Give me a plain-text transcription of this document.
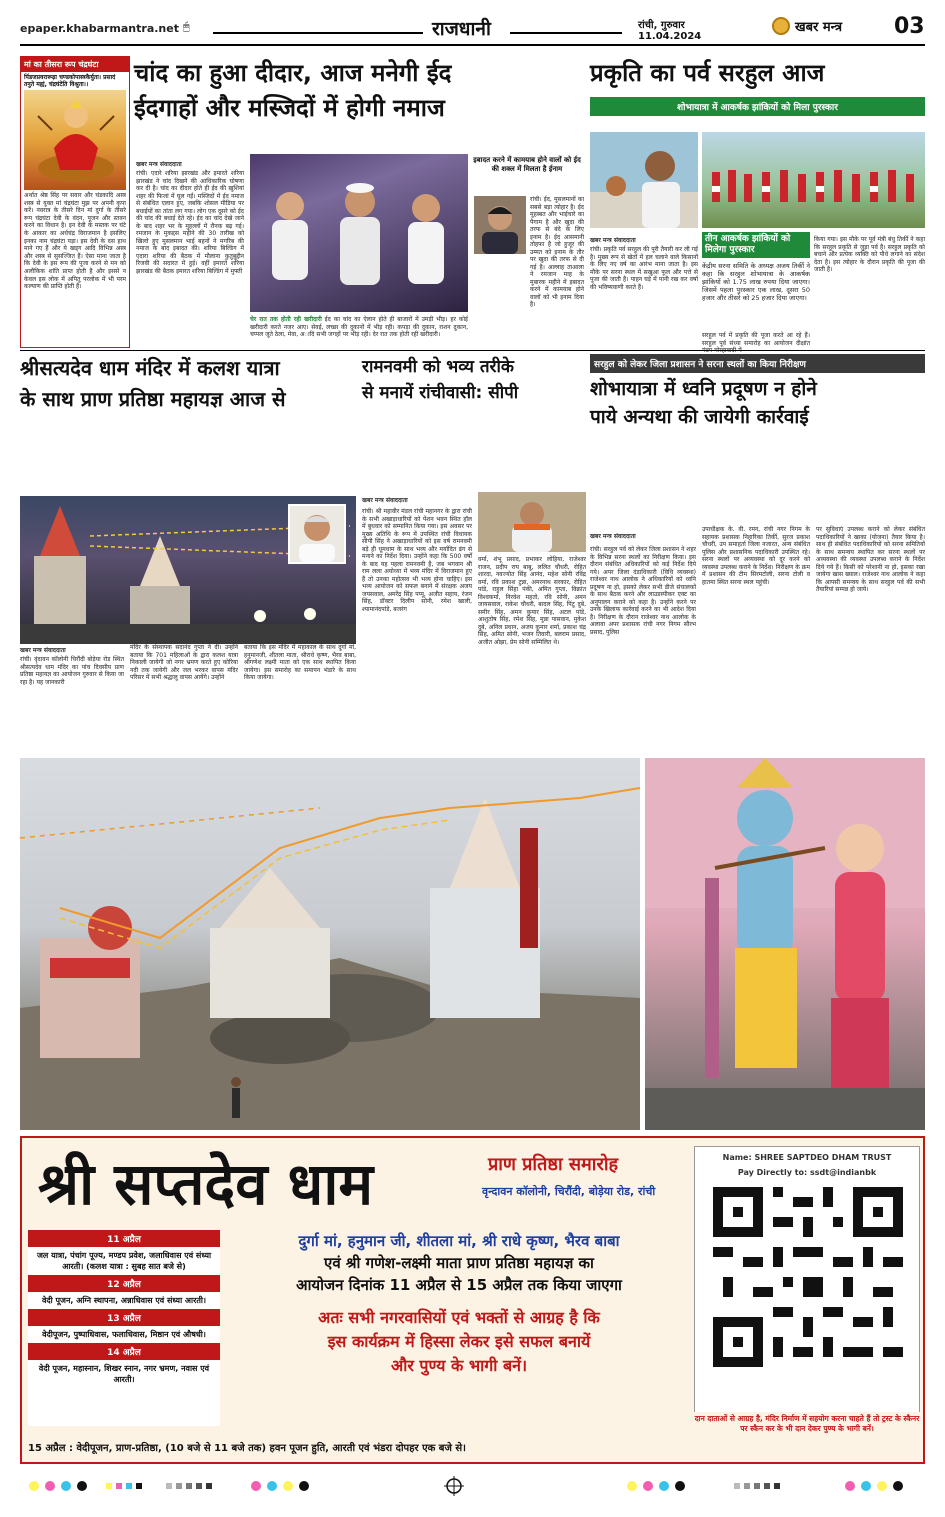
epaper.khabarmantra.net 🖱	राजधानी	रांची, गुरुवार
11.04.2024
खबर मन्त्र 03
मां का तीसरा रूप चंद्रघंटा
पिंडजप्रवरारूढ़ा चण्डकोपास्त्रकैर्युता। प्रसादं तनुते मह्यं, चंद्रघंटेति विश्रुता।।
अर्थात श्रेष्ठ सिंह पर सवार और चंडकादि अस्त्र शस्त्र से युक्त मां चंद्रघंटा मुझ पर अपनी कृपा करें। नवरात्र के तीसरे दिन मां दुर्गा के तीसरे रूप चंद्रघंटा देवी के वंदन, पूजन और स्तवन करने का विधान है। इन देवी के मस्तक पर घंटे के आकार का अर्धचंद्र विराजमान है इसलिए इनका नाम चंद्रघंटा पड़ा। इस देवी के दस हाथ माने गए हैं और ये खड्ग आदि विभिन्न अस्त्र और शस्त्र से सुसज्जित हैं। ऐसा माना जाता है कि देवी के इस रूप की पूजा करने से मन को अलौकिक शांति प्राप्त होती है और इससे न केवल इस लोक में अपितु परलोक में भी परम कल्याण की प्राप्ति होती है।
चांद का हुआ दीदार, आज मनेगी ईद
ईदगाहों और मस्जिदों में होगी नमाज
खबर मन्त्र संवाददाता
रांची। एदारे शरिया झारखंड और इमारते शरिया झारखंड ने चांद दिखने की आधिकारिक घोषणा कर दी है। चांद का दीदार होते ही ईद की खुशियां शहर की फिजां में घुल गईं। मस्जिदों में ईद नमाज से संबंधित एलान हुए, जबकि शोसल मीडिया पर बधाईयों का तांता लग गया। लोग एक दूसरे को ईद की चांद की बधाई देते रहे। ईद का चांद देखे जाने के बाद शहर भर के मुहल्लों में रौनक बढ़ गई। रमजान के मुकद्दस महीने की 30 तारीख को खिल्ते हुए मुसलमान भाई बहनों ने मगरिब की नमाज के बाद इबादत की। शरिया बिल्डिंग में एदारा शरिया की बैठक में मौलाना कुतुबुद्दीन रिजवी की सदारत में हुई। वहीं इमारते शरिया झारखंड की बैठक इमारत शरिया बिल्डिंग में मुफ्ती
चेर रात तक होती रही खरीदारी ईद का चांद का ऐलान होते ही बाजारों में उमड़ी भीड़। हर कोई खरीदारी करते नजर आए। सेवई, लच्छा की दुकानों में भीड़ रही। कपड़ा की दुकान, राशन दुकान, चप्पल जूते ठेला, मेवा, अादि सभी जगहों पर भीड़ रही। देर रात तक होती रही खरीदारी।
इबादत करने में कामयाब होने वालों को ईद की शक्ल में मिलता है ईनाम
रांची। ईद, मुसलमानों का सबसे बड़ा त्योहार है। ईद मुहब्बत और भाईचारे का पैगाम है और खुदा की तरफ से बंदे के लिए इनाम है। ईद आसमानी तोहफा है जो हुजूर की उम्मत को इनाम के तौर पर खुदा की तरफ से दी गई है। अल्लाह ताआला ने रमजान माह के मुबारक महीने में इबादत करने में कामयाब होने वालों को भी इनाम दिया है।
प्रकृति का पर्व सरहुल आज
शोभायात्रा में आकर्षक झांकियों को मिला पुरस्कार
खबर मन्त्र संवाददाता	तीन आकर्षक झांकियों को मिलेगा पुरस्कार
केंद्रीय सरना समिति के अध्यक्ष अजय तिर्की ने कहा कि सरहुल शोभायात्रा के आकर्षक झांकियों को 1.75 लाख रुपया दिया जाएगा। जिसमें पहला पुरस्कार एक लाख, दूसरा 50 हजार और तीसरे को 25 हजार दिया जाएगा।
रांची। प्रकृति पर्व सरहुल की पूरी तैयारी कर ली गई है। मुख्य रूप से खेतों में हल चलाने वाले किसानों के लिए नए वर्ष का आरंभ माना जाता है। इस मौके पर सरना स्थल में सखुआ फूल और पत्ते से पूजा की जाती है। पाहन घड़े में पानी रख कर वर्षा की भविष्यवाणी करते हैं।
किया गया। इस मौके पर पूर्व मंत्री बंधु तिर्की ने कहा कि सरहुल प्रकृति से जुड़ा पर्व है। सरहुल प्रकृति को बचाने और प्रत्येक व्यक्ति को पौधे लगाने का संदेश देता है। इस त्योहार के दौरान प्रकृति की पूजा की जाती है।
सरहुल पर्व में प्रकृति की पूजा करते आ रहे हैं। सरहुल पूर्व संध्या समारोह का आयोजन दीक्षांत
श्रीसत्यदेव धाम मंदिर में कलश यात्रा
के साथ प्राण प्रतिष्ठा महायज्ञ आज से
खबर मन्त्र संवाददाता
रांची। वृंदावन कॉलोनी चिरौंदी बोड़ेया रोड स्थित श्रीसत्यदेव धाम मंदिर का पांच दिवसीय प्राण प्रतिष्ठा महायज्ञ का आयोजन गुरुवार से किया जा रहा है। यह जानकारी
मंदिर के संस्थापक सदानंद गुप्ता ने दी। उन्होंने बताया कि 701 महिलाओं के द्वारा कलश यात्रा निकाली जायेगी जो नगर भ्रमण करते हुए कोरिया नदी तक जायेगी और जल भरकर वापस मंदिर परिसर में सभी श्रद्धालु वापस आयेंगे। उन्होंने
बताया कि इस मंदिर में महाकाल के साथ दुर्गा मां, हनुमानजी, शीतला माता, श्रीराधे कृष्ण, भैरव बाबा, श्रीगणेश लक्ष्मी माता को एक साथ स्थापित किया जायेगा। इस समारोह का समापन भंडारे के साथ किया जायेगा।
रामनवमी को भव्य तरीके
से मनायें रांचीवासी: सीपी
खबर मन्त्र संवाददाता
रांची। श्री महावीर मंडल रांची महानगर के द्वारा रांची के सभी अखाड़ाधारियों को पेंशन भवन स्थित हॉल में बुधवार को सम्मानित किया गया। इस अवसर पर मुख्य अतिथि के रूप में उपस्थित रांची विधायक सीपी सिंह ने अखाड़ाधारियों को इस वर्ष रामनवमी बड़े ही धूमधाम के साथ भव्य और मर्यादित ढंग से मनाने का निर्देश दिया। उन्होंने कहा कि 500 वर्षों के बाद यह पहला रामनवमी है, जब भगवान श्री राम लला अयोध्या में भव्य मंदिर में विराजमान हुए हैं तो उनका महोत्सव भी भव्य होना चाहिए। इस भव्य आयोजन को सफल बनाने में संरक्षक अजय जयसवाल, अमरेंद्र सिंह पप्पू, अजीत सहाय, रंजन सिंह, डॉक्टर दिलीप सोनी, रमेश खाली, श्यामानंदपांडे, बजरंग
वर्मा, शंभू प्रसाद, प्रभाकर लोहिया, राजेश्वर राजन, प्रदीप राय बाबू, ललित चौधरी, रोहित शारदा, नवज्योत सिंह आनंद, महेश सोनी रविंद्र वर्मा, रवि प्रकाश टुन्ना, अमरनाथ सरकार, रोहित पांडे, राहुल सिंहा पंकी, अमित गुप्ता, विक्रांत विश्वकर्मा, निरवेश महतो, रवि सोनी, अमन जायसवाल, राकेश चौधरी, बादल सिंह, पिंटू दुबे, समीर सिंह, अमन कुमार सिंह, अटल पांडे, आशुतोष सिंह, रमेश सिंह, मुन्ना पासवान, मुकेश दुबे, अनिल प्रधान, अजय कुमार शर्मा, प्रकाश चंद्र सिंह, अमित सोनी, भजन तिवारी, बलराम प्रसाद, अजीत ओझा, प्रेम सोनी सम्मिलित थे।
सरहुल को लेकर जिला प्रशासन ने सरना स्थलों का किया निरीक्षण
शोभायात्रा में ध्वनि प्रदूषण न होने
पाये अन्यथा की जायेगी कार्रवाई
खबर मन्त्र संवाददाता
रांची। सरहुल पर्व को लेकर जिला प्रशासन ने शहर के विभिन्न सरना स्थलों का निरीक्षण किया। इस दौरान संबंधित अधिकारियों को कई निर्देश दिये गये। अपर जिला दंडाधिकारी (विधि व्यवस्था) राजेश्वर नाथ आलोक ने अधिकारियों को ध्वनि प्रदूषण ना हो, इसको लेकर सभी डीजे संचालकों के साथ बैठक करने और लाउडस्पीकर एक्ट का अनुपालन कराने को कहा है। उन्होंने करने पर उनके खिलाफ कार्रवाई करने का भी आदेश दिया है। निरीक्षण के दौरान राजेश्वर नाथ आलोक के अलावा अपर प्रशासक रांची नगर निगम सौरभ प्रसाद, पुलिस
उपाधीक्षक के. वी. रमन, रांची नगर निगम के सहायक प्रशासक निहारिका तिर्की, सुरज प्रकाश चौधरी, उप समाहर्ता जिला नजारत, अन्य संबंधित पुलिस और प्रशासनिक पदाधिकारी उपस्थित रहे। सरना स्थलों पर अव्यवस्था को दूर करने को व्यवस्था उपलब्ध कराने के निर्देश। निरीक्षण के क्रम में प्रशासन की टीम सिरमटोली, सरना टोली व हातमा स्थित सरना स्थल पहुंची।
पर सुविधाएं उपलब्ध कराने को लेकर संबंधित पदाधिकारियों ने खाका (योजना) तैयार किया है। साथ ही संबंधित पदाधिकारियों को सरना समितियों के साथ समन्वय स्थापित कर सरना स्थलों पर अव्यवस्था की व्यवस्था उपलब्ध कराने के निर्देश दिये गये हैं। किसी को परेशानी ना हो, इसका रखा जायेगा खास ख्याल। राजेश्वर नाथ आलोक ने कहा कि आपसी समन्वय के साथ सरहुल पर्व की सभी तैयारियां सम्पन्न हो जाये।
श्री सप्तदेव धाम	प्राण प्रतिष्ठा समारोह
वृन्दावन कॉलोनी, चिरौंदी, बोड़ेया रोड, रांची
11 अप्रैल
जल यात्रा, पंचांग पूज्य, मण्डप प्रवेश, जलाधिवास एवं संध्या आरती। (कलश यात्रा : सुबह सात बजे से)
12 अप्रैल
वेदी पूजन, अग्नि स्थापना, अन्नाधिवास एवं संध्या आरती।
13 अप्रैल
वेदीपूजन, पुष्पाधिवास, फलाधिवास, मिष्ठान एवं औषधी।
14 अप्रैल
वेदी पूजन, महास्नान, शिखर स्नान, नगर भ्रमण, नवास एवं आरती।
दुर्गा मां, हनुमान जी, शीतला मां, श्री राधे कृष्ण, भैरव बाबा
एवं श्री गणेश-लक्ष्मी माता प्राण प्रतिष्ठा महायज्ञ का
आयोजन दिनांक 11 अप्रैल से 15 अप्रैल तक किया जाएगा
अतः सभी नगरवासियों एवं भक्तों से आग्रह है कि
इस कार्यक्रम में हिस्सा लेकर इसे सफल बनायें
और पुण्य के भागी बनें।
Name: SHREE SAPTDEO DHAM TRUST
Pay Directly to: ssdt@indianbk
दान दाताओं से आग्रह है, मंदिर निर्माण में सहयोग करना चाहते हैं तो ट्रस्ट के स्कैनर पर स्कैन कर के भी दान देकर पुण्य के भागी बनें।
15 अप्रैल : वेदीपूजन, प्राण-प्रतिष्ठा, (10 बजे से 11 बजे तक) हवन पूजन हुति, आरती एवं भंडरा दोपहर एक बजे से।
